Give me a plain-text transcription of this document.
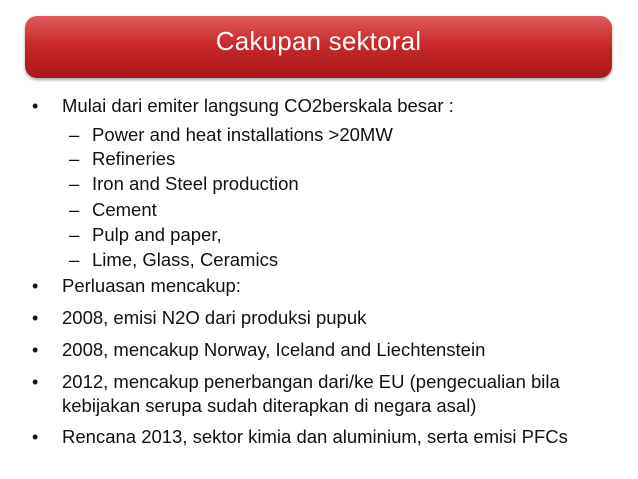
Cakupan sektoral
• Mulai dari emiter langsung CO2berskala besar :
– Power and heat installations >20MW
– Refineries
– Iron and Steel production
– Cement
– Pulp and paper,
– Lime, Glass, Ceramics
• Perluasan mencakup:
• 2008, emisi N2O dari produksi pupuk
• 2008, mencakup Norway, Iceland and Liechtenstein
• 2012, mencakup penerbangan dari/ke EU (pengecualian bila kebijakan serupa sudah diterapkan di negara asal)
• Rencana 2013, sektor kimia dan aluminium, serta emisi PFCs
